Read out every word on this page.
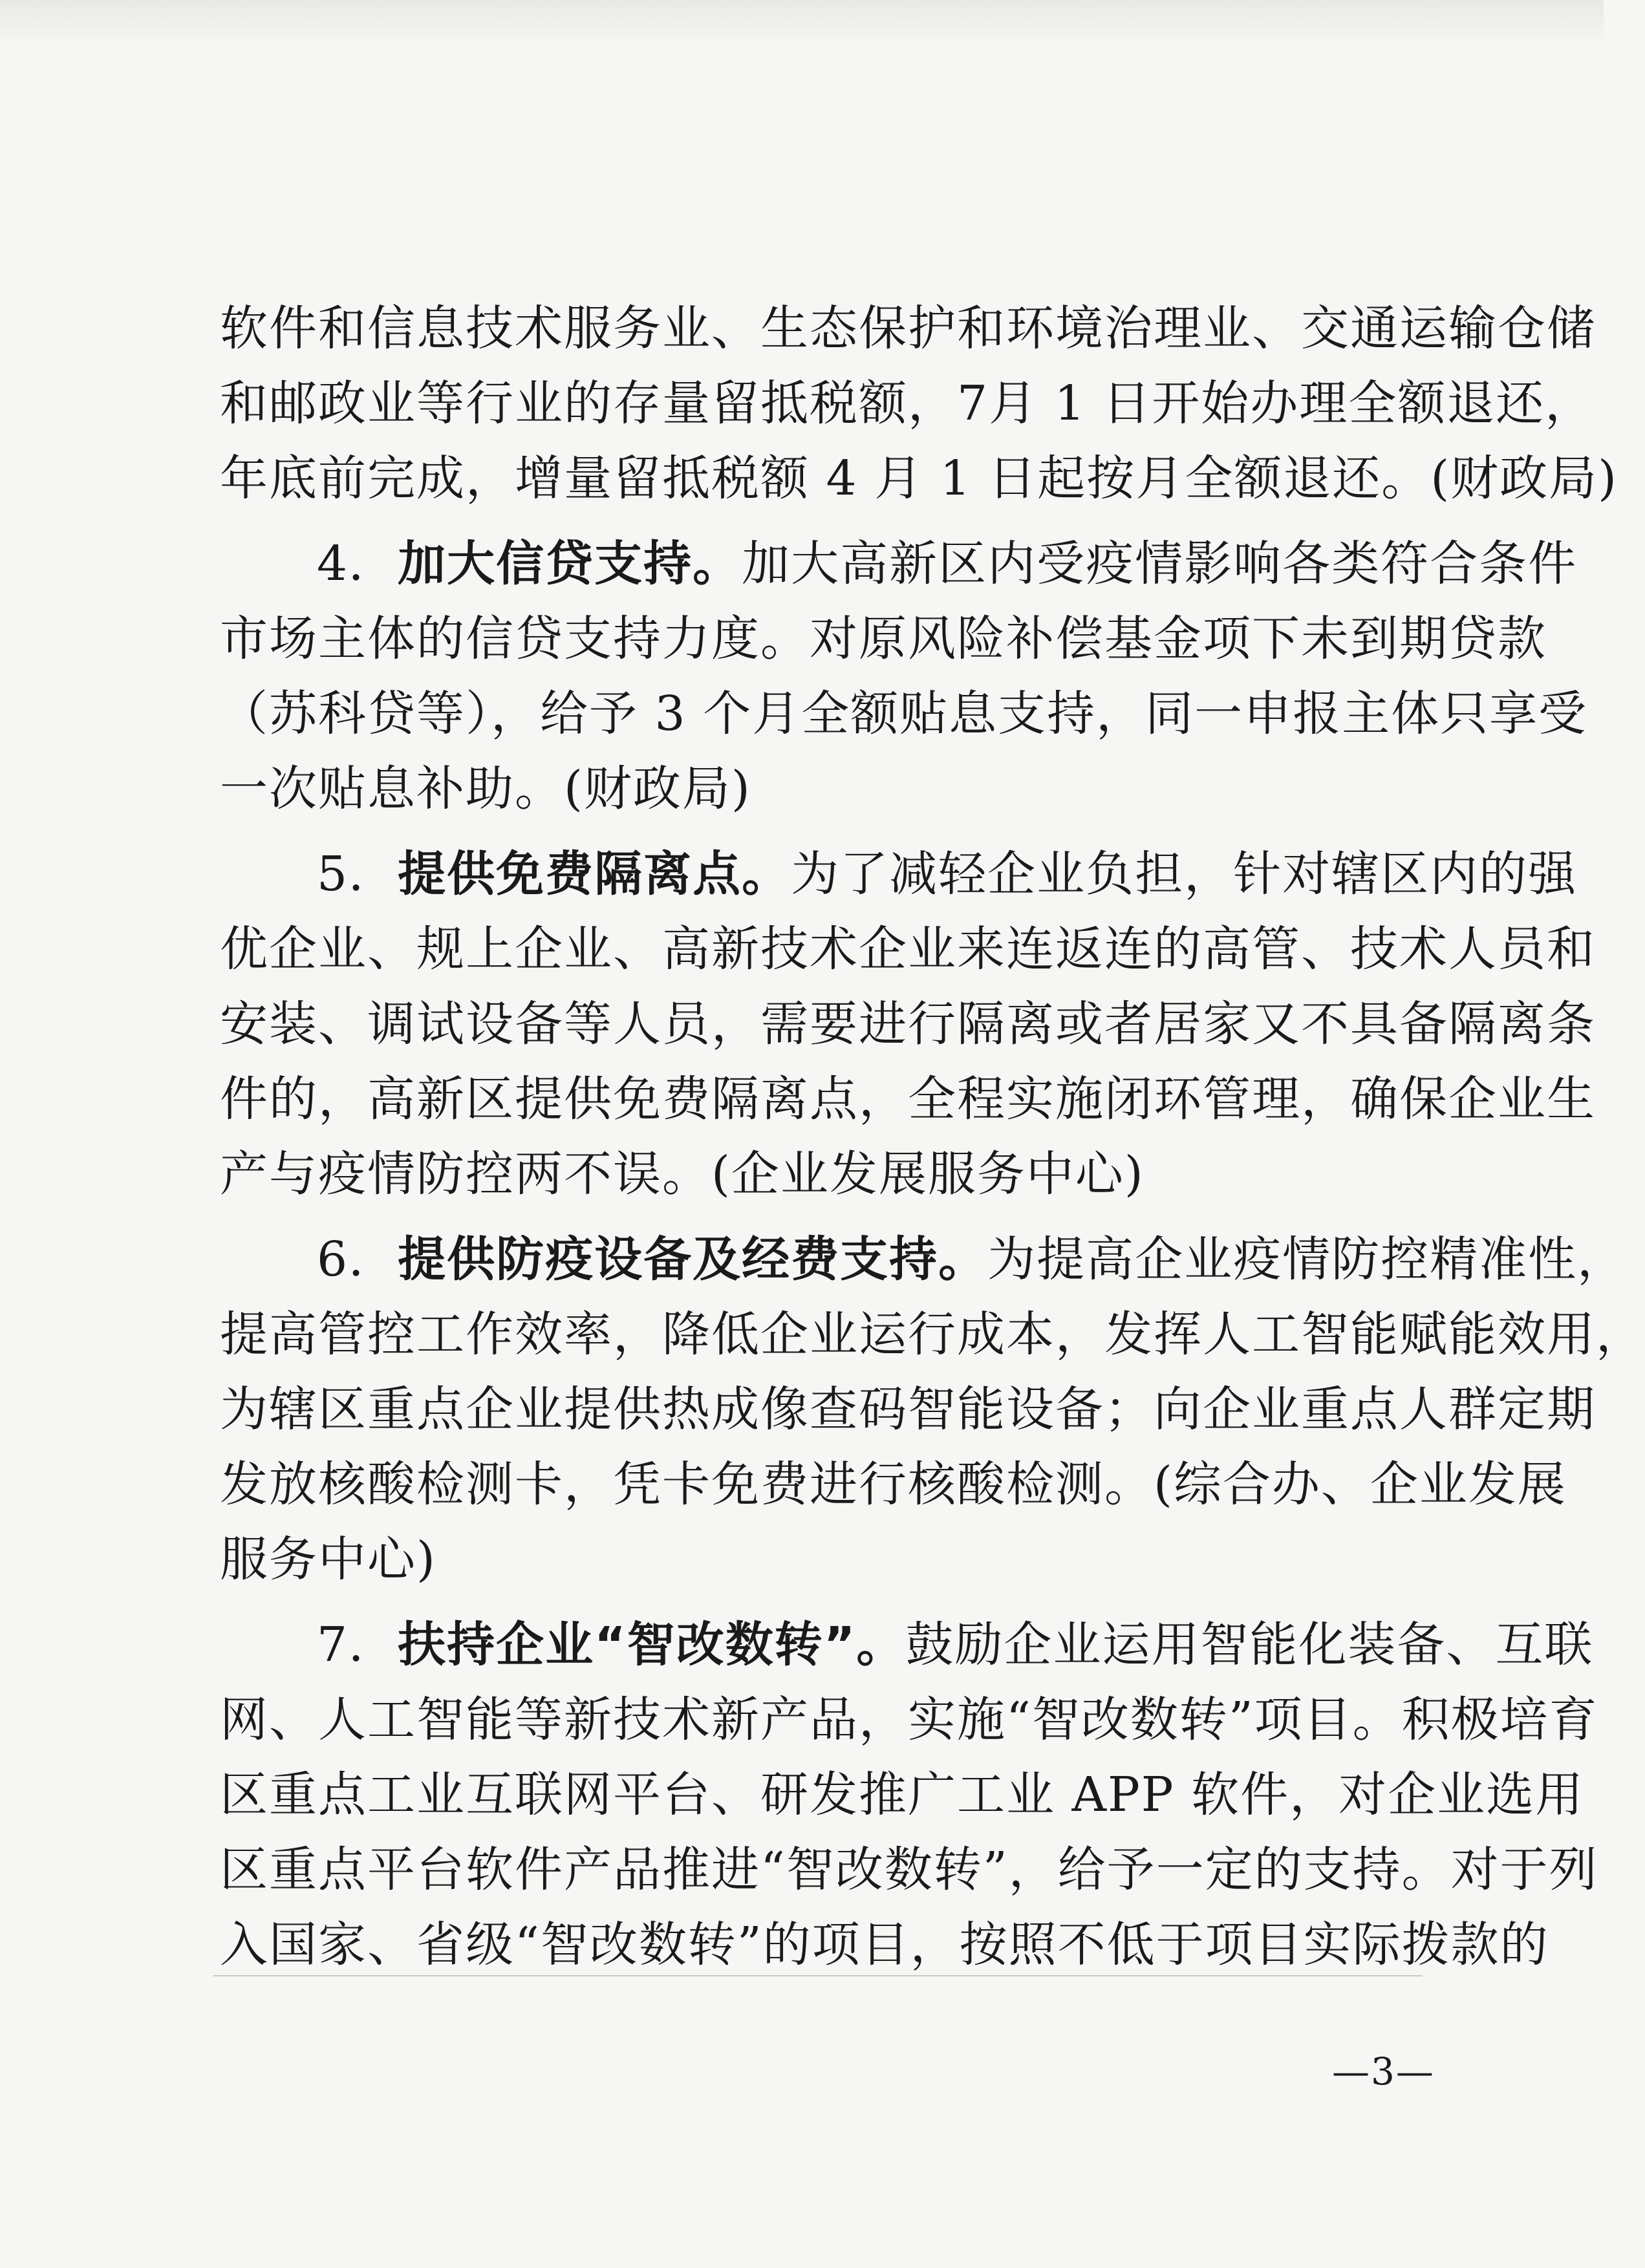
软件和信息技术服务业、生态保护和环境治理业、交通运输仓储
和邮政业等行业的存量留抵税额，7月 1 日开始办理全额退还，
年底前完成，增量留抵税额 4 月 1 日起按月全额退还。(财政局)
4．加大信贷支持。加大高新区内受疫情影响各类符合条件
市场主体的信贷支持力度。对原风险补偿基金项下未到期贷款
（苏科贷等），给予 3 个月全额贴息支持，同一申报主体只享受
一次贴息补助。(财政局)
5．提供免费隔离点。为了减轻企业负担，针对辖区内的强
优企业、规上企业、高新技术企业来连返连的高管、技术人员和
安装、调试设备等人员，需要进行隔离或者居家又不具备隔离条
件的，高新区提供免费隔离点，全程实施闭环管理，确保企业生
产与疫情防控两不误。(企业发展服务中心)
6．提供防疫设备及经费支持。为提高企业疫情防控精准性，
提高管控工作效率，降低企业运行成本，发挥人工智能赋能效用，
为辖区重点企业提供热成像查码智能设备；向企业重点人群定期
发放核酸检测卡，凭卡免费进行核酸检测。(综合办、企业发展
服务中心)
7．扶持企业“智改数转”。鼓励企业运用智能化装备、互联
网、人工智能等新技术新产品，实施“智改数转”项目。积极培育
区重点工业互联网平台、研发推广工业 APP 软件，对企业选用
区重点平台软件产品推进“智改数转”，给予一定的支持。对于列
入国家、省级“智改数转”的项目，按照不低于项目实际拨款的
—3—
